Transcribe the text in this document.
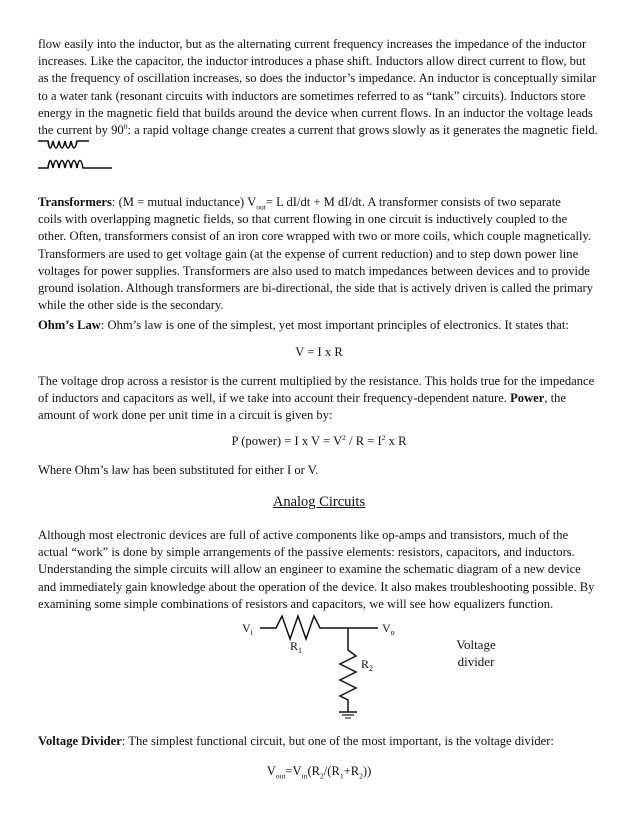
flow easily into the inductor, but as the alternating current frequency increases the impedance of the inductor
increases. Like the capacitor, the inductor introduces a phase shift. Inductors allow direct current to flow, but
as the frequency of oscillation increases, so does the inductor’s impedance. An inductor is conceptually similar
to a water tank (resonant circuits with inductors are sometimes referred to as “tank” circuits). Inductors store
energy in the magnetic field that builds around the device when current flows. In an inductor the voltage leads
the current by $90^0$: a rapid voltage change creates a current that grows slowly as it generates the magnetic field.
Transformers: (M = mutual inductance) $V_{out}= L$ dI/dt + M dI/dt. A transformer consists of two separate
coils with overlapping magnetic fields, so that current flowing in one circuit is inductively coupled to the
other. Often, transformers consist of an iron core wrapped with two or more coils, which couple magnetically.
Transformers are used to get voltage gain (at the expense of current reduction) and to step down power line
voltages for power supplies. Transformers are also used to match impedances between devices and to provide
ground isolation. Although transformers are bi-directional, the side that is actively driven is called the primary
while the other side is the secondary.
Ohm’s Law: Ohm’s law is one of the simplest, yet most important principles of electronics. It states that:
V = I x R
The voltage drop across a resistor is the current multiplied by the resistance. This holds true for the impedance
of inductors and capacitors as well, if we take into account their frequency-dependent nature. Power, the
amount of work done per unit time in a circuit is given by:
P (power) = I x $V = V^2 / R = I^2$ x R
Where Ohm’s law has been substituted for either I or V.
Analog Circuits
Although most electronic devices are full of active components like op-amps and transistors, much of the
actual “work” is done by simple arrangements of the passive elements: resistors, capacitors, and inductors.
Understanding the simple circuits will allow an engineer to examine the schematic diagram of a new device
and immediately gain knowledge about the operation of the device. It also makes troubleshooting possible. By
examining some simple combinations of resistors and capacitors, we will see how equalizers function.
$V_i$	$V_o$
$R_1$
$R_2$
Voltage
divider
Voltage Divider: The simplest functional circuit, but one of the most important, is the voltage divider:
$V_{out}=V_{in}(R_2/(R_1+R_2))$
